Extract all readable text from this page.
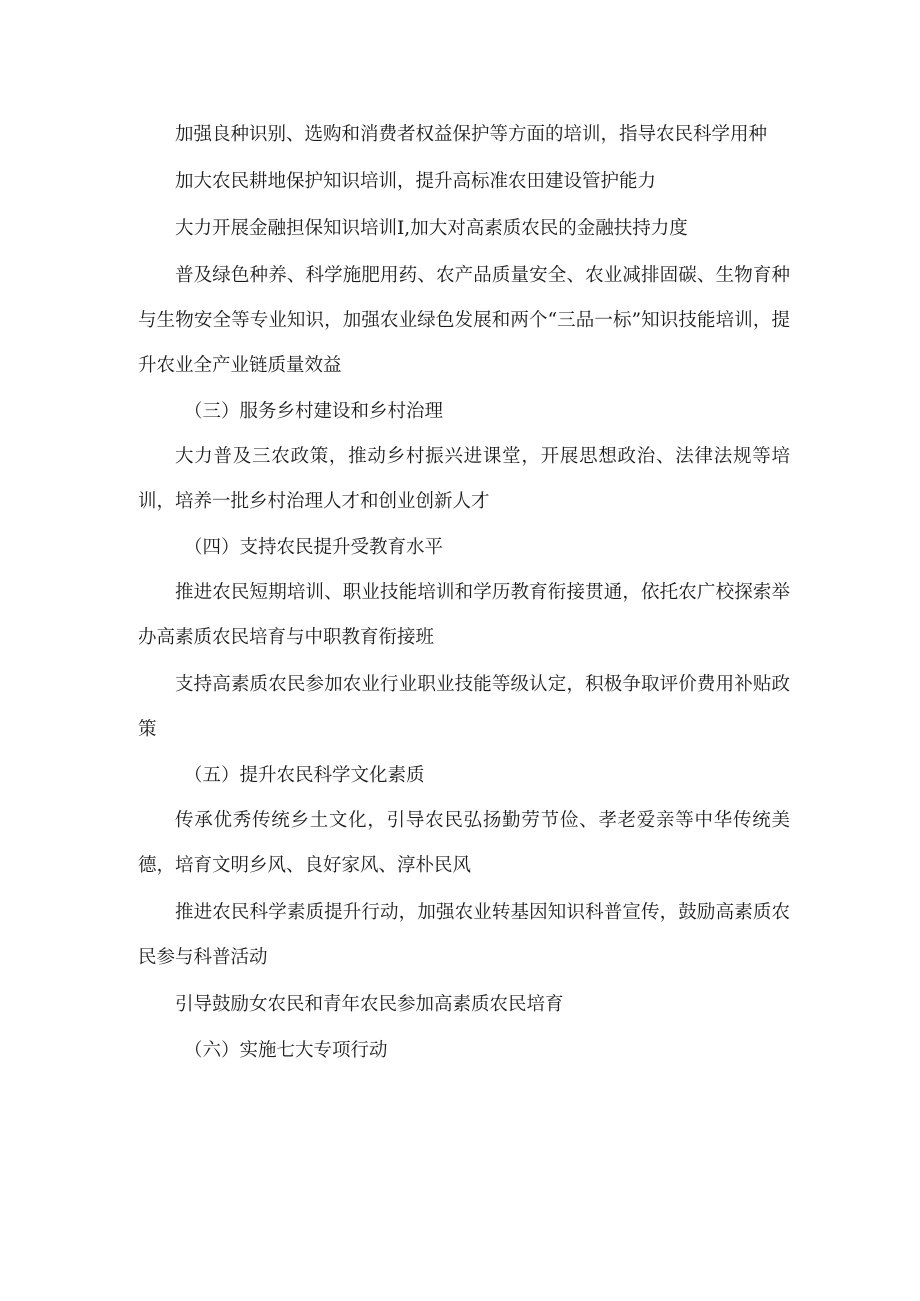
加强良种识别、选购和消费者权益保护等方面的培训，指导农民科学用种

加大农民耕地保护知识培训，提升高标准农田建设管护能力

大力开展金融担保知识培训I,加大对高素质农民的金融扶持力度

普及绿色种养、科学施肥用药、农产品质量安全、农业减排固碳、生物育种与生物安全等专业知识，加强农业绿色发展和两个“三品一标”知识技能培训，提升农业全产业链质量效益

（三）服务乡村建设和乡村治理

大力普及三农政策，推动乡村振兴进课堂，开展思想政治、法律法规等培训，培养一批乡村治理人才和创业创新人才

（四）支持农民提升受教育水平

推进农民短期培训、职业技能培训和学历教育衔接贯通，依托农广校探索举办高素质农民培育与中职教育衔接班

支持高素质农民参加农业行业职业技能等级认定，积极争取评价费用补贴政策

（五）提升农民科学文化素质

传承优秀传统乡土文化，引导农民弘扬勤劳节俭、孝老爱亲等中华传统美德，培育文明乡风、良好家风、淳朴民风

推进农民科学素质提升行动，加强农业转基因知识科普宣传，鼓励高素质农民参与科普活动

引导鼓励女农民和青年农民参加高素质农民培育

（六）实施七大专项行动
